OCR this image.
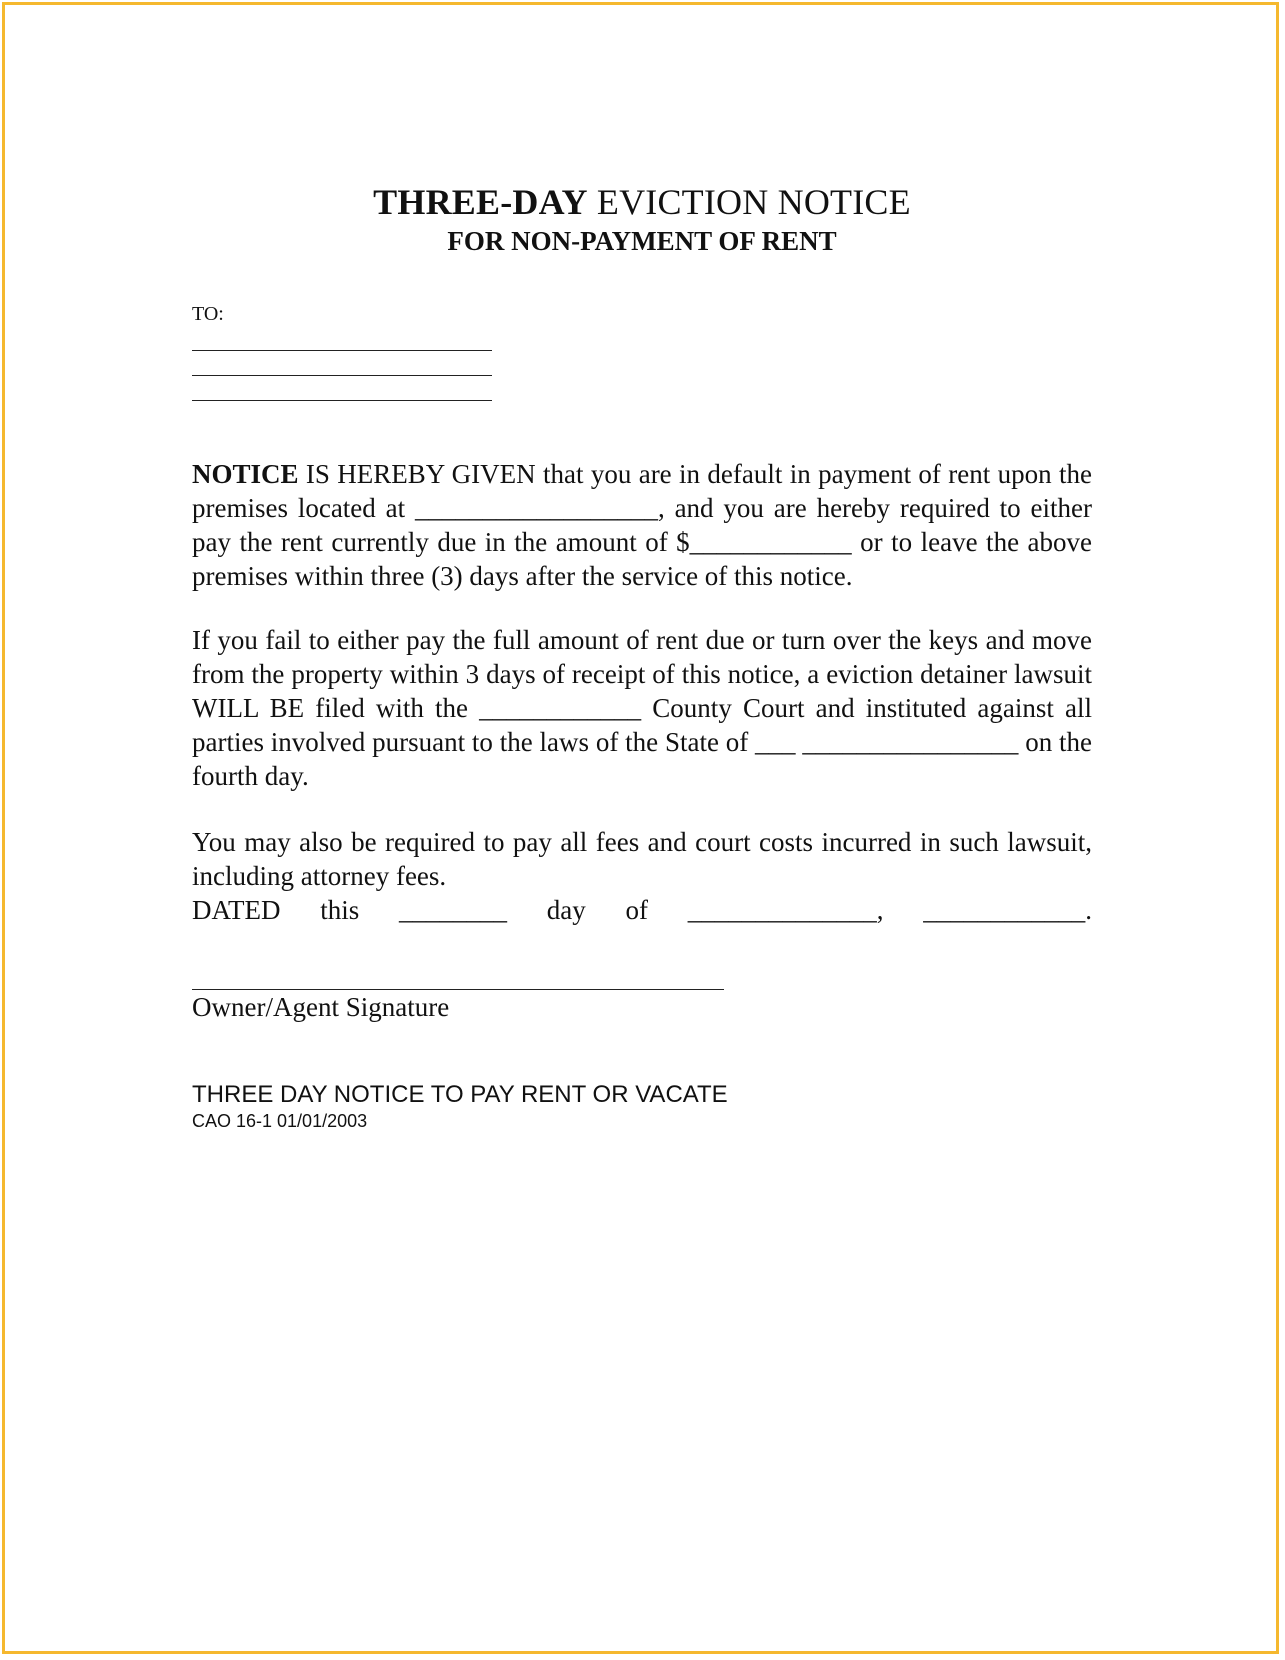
THREE-DAY EVICTION NOTICE

FOR NON-PAYMENT OF RENT

TO:

NOTICE IS HEREBY GIVEN that you are in default in payment of rent upon the premises located at __________________, and you are hereby required to either pay the rent currently due in the amount of $____________ or to leave the above premises within three (3) days after the service of this notice.

If you fail to either pay the full amount of rent due or turn over the keys and move from the property within 3 days of receipt of this notice, a eviction detainer lawsuit WILL BE filed with the ____________ County Court and instituted against all parties involved pursuant to the laws of the State of ___ ________________ on the fourth day.

You may also be required to pay all fees and court costs incurred in such lawsuit, including attorney fees.

DATED this ________ day of ______________, ____________.
Owner/Agent Signature
THREE DAY NOTICE TO PAY RENT OR VACATE
CAO 16-1 01/01/2003
